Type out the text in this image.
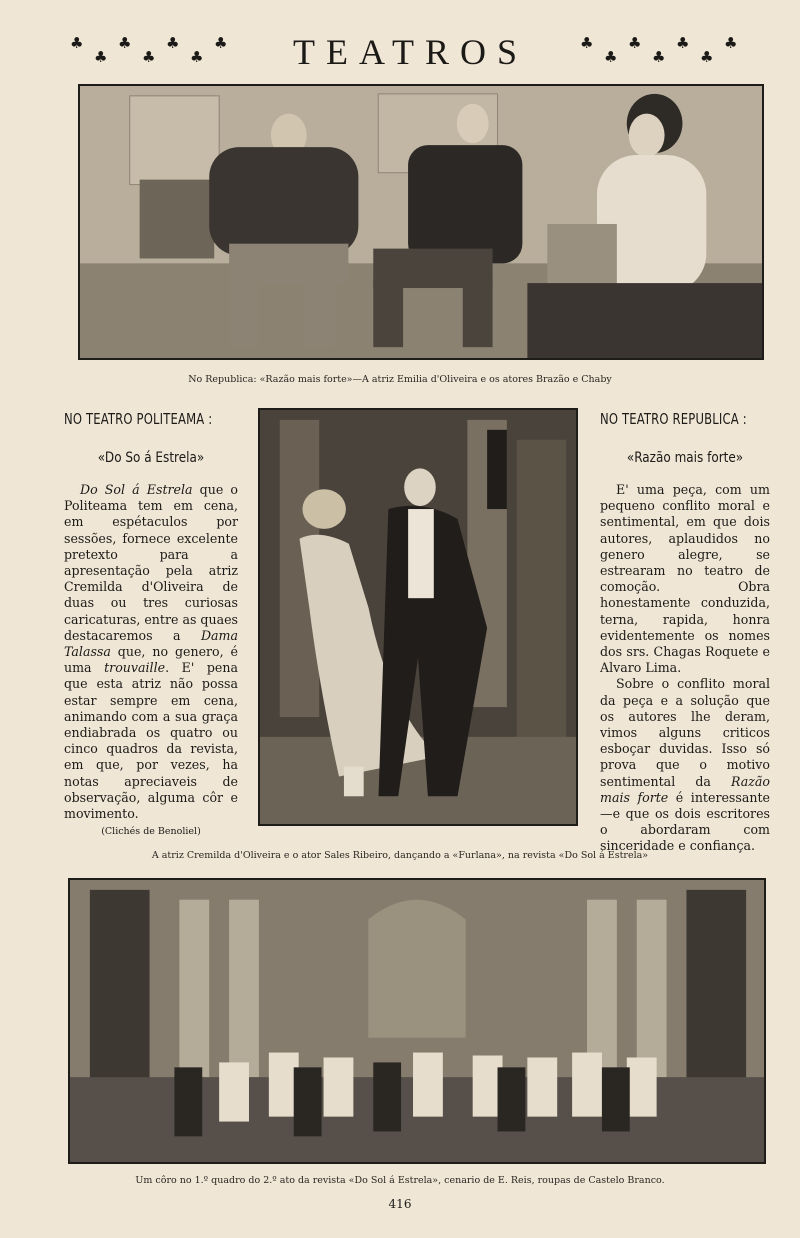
♣
♣
♣
♣
♣
♣
♣	TEATROS	♣
♣
♣
♣
♣
♣
♣
No Republica: «Razão mais forte»—A atriz Emilia d'Oliveira e os atores Brazão e Chaby
NO TEATRO POLITEAMA :
«Do So á Estrela»

Do Sol á Estrela que o Politeama tem em cena, em espétaculos por sessões, fornece excelente pretexto para a apresentação pela atriz Cremilda d'Oliveira de duas ou tres curiosas caricaturas, entre as quaes destacaremos a Dama Talassa que, no genero, é uma trouvaille. E' pena que esta atriz não possa estar sempre em cena, animando com a sua graça endiabrada os quatro ou cinco quadros da revista, em que, por vezes, ha notas apreciaveis de observação, alguma côr e movimento.

(Clichés de Benoliel)
NO TEATRO REPUBLICA :
«Razão mais forte»

E' uma peça, com um pequeno conflito moral e sentimental, em que dois autores, aplaudidos no genero alegre, se estrearam no teatro de comoção. Obra honestamente conduzida, terna, rapida, honra evidentemente os nomes dos srs. Chagas Roquete e Alvaro Lima.

Sobre o conflito moral da peça e a solução que os autores lhe deram, vimos alguns criticos esboçar duvidas. Isso só prova que o motivo sentimental da Razão mais forte é interessante—e que os dois escritores o abordaram com sinceridade e confiança.

A atriz Cremilda d'Oliveira e o ator Sales Ribeiro, dançando a «Furlana», na revista «Do Sol á Estrela»
Um côro no 1.º quadro do 2.º ato da revista «Do Sol á Estrela», cenario de E. Reis, roupas de Castelo Branco.
416
